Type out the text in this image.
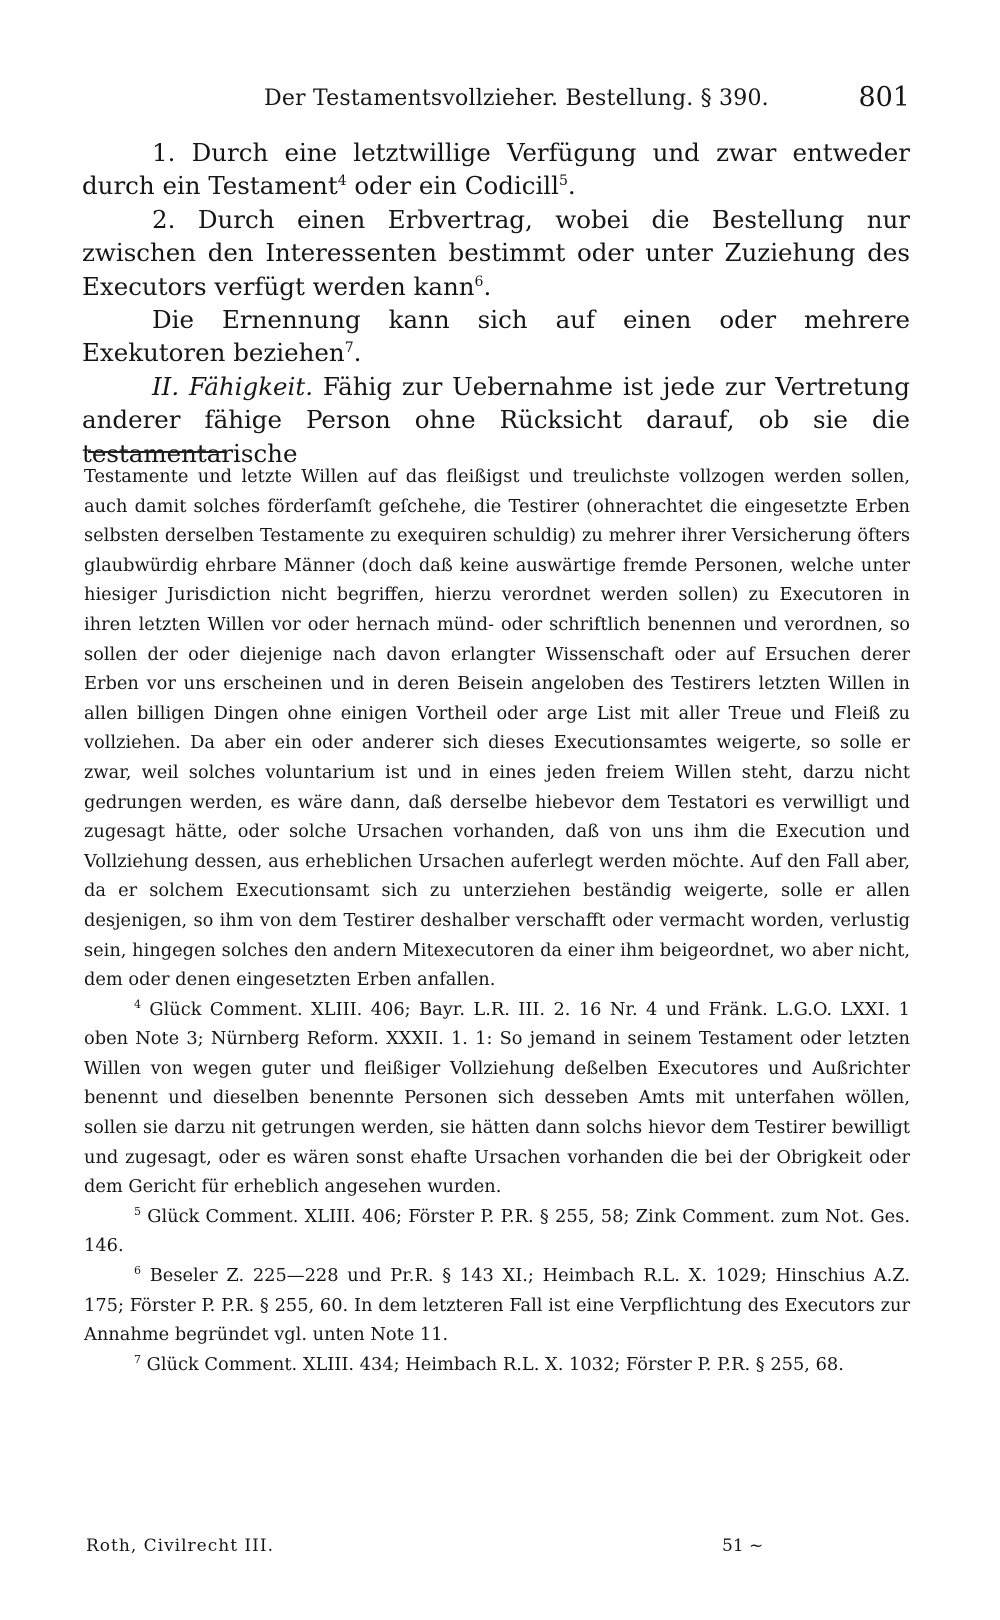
Der Testamentsvollzieher. Bestellung. § 390.	801

1. Durch eine letztwillige Verfügung und zwar entweder durch ein Testament$^4$ oder ein Codicill$^5$.

2. Durch einen Erbvertrag, wobei die Bestellung nur zwischen den Interessenten bestimmt oder unter Zuziehung des Executors verfügt werden kann$^6$.

Die Ernennung kann sich auf einen oder mehrere Exekutoren beziehen$^7$.

II. Fähigkeit. Fähig zur Uebernahme ist jede zur Vertretung anderer fähige Person ohne Rücksicht darauf, ob sie die testamentarische

Testamente und letzte Willen auf das fleißigst und treulichste vollzogen werden sollen, auch damit solches förderſamſt geſchehe, die Testirer (ohnerachtet die eingesetzte Erben selbsten derselben Testamente zu exequiren schuldig) zu mehrer ihrer Versicherung öfters glaubwürdig ehrbare Männer (doch daß keine auswärtige fremde Personen, welche unter hiesiger Jurisdiction nicht begriffen, hierzu verordnet werden sollen) zu Executoren in ihren letzten Willen vor oder hernach münd- oder schriftlich benennen und verordnen, so sollen der oder diejenige nach davon erlangter Wissenschaft oder auf Ersuchen derer Erben vor uns erscheinen und in deren Beisein angeloben des Testirers letzten Willen in allen billigen Dingen ohne einigen Vortheil oder arge List mit aller Treue und Fleiß zu vollziehen. Da aber ein oder anderer sich dieses Executionsamtes weigerte, so solle er zwar, weil solches voluntarium ist und in eines jeden freiem Willen steht, darzu nicht gedrungen werden, es wäre dann, daß derselbe hiebevor dem Testatori es verwilligt und zugesagt hätte, oder solche Ursachen vorhanden, daß von uns ihm die Execution und Vollziehung dessen, aus erheblichen Ursachen auferlegt werden möchte. Auf den Fall aber, da er solchem Executionsamt sich zu unterziehen beständig weigerte, solle er allen desjenigen, so ihm von dem Testirer deshalber verschafft oder vermacht worden, verlustig sein, hingegen solches den andern Mitexecutoren da einer ihm beigeordnet, wo aber nicht, dem oder denen eingesetzten Erben anfallen.

$^4$ Glück Comment. XLIII. 406; Bayr. L.R. III. 2. 16 Nr. 4 und Fränk. L.G.O. LXXI. 1 oben Note 3; Nürnberg Reform. XXXII. 1. 1: So jemand in seinem Testament oder letzten Willen von wegen guter und fleißiger Vollziehung deßelben Executores und Außrichter benennt und dieselben benennte Personen sich desseben Amts mit unterfahen wöllen, sollen sie darzu nit getrungen werden, sie hätten dann solchs hievor dem Testirer bewilligt und zugesagt, oder es wären sonst ehafte Ursachen vorhanden die bei der Obrigkeit oder dem Gericht für erheblich angesehen wurden.

$^5$ Glück Comment. XLIII. 406; Förster P. P.R. § 255, 58; Zink Comment. zum Not. Ges. 146.

$^6$ Beseler Z. 225—228 und Pr.R. § 143 XI.; Heimbach R.L. X. 1029; Hinschius A.Z. 175; Förster P. P.R. § 255, 60. In dem letzteren Fall ist eine Verpflichtung des Executors zur Annahme begründet vgl. unten Note 11.

$^7$ Glück Comment. XLIII. 434; Heimbach R.L. X. 1032; Förster P. P.R. § 255, 68.

Roth, Civilrecht III.	51 ~
